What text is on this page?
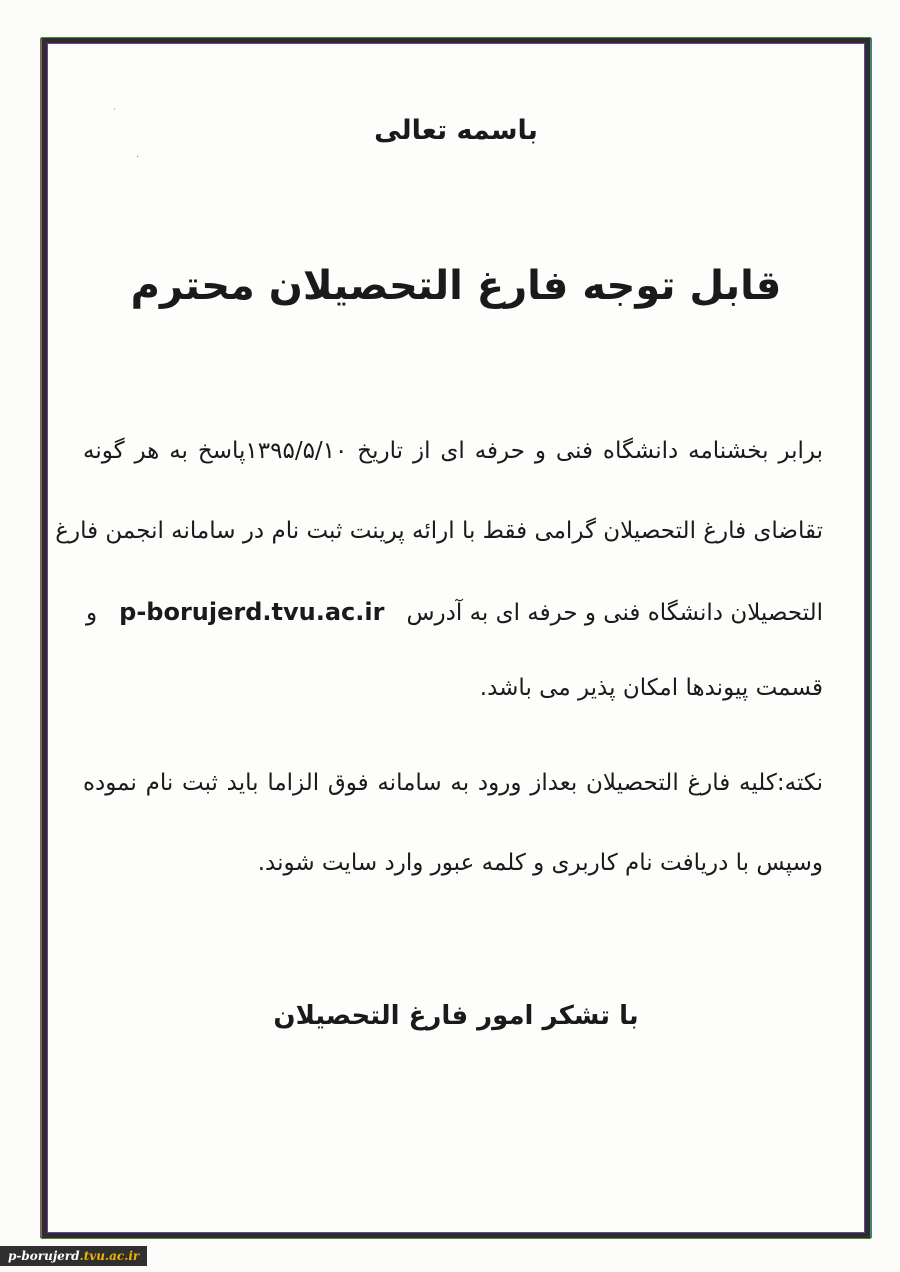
باسمه تعالی

قابل توجه فارغ التحصیلان محترم

برابر بخشنامه دانشگاه فنی و حرفه ای از تاریخ ۱۳۹۵/۵/۱۰پاسخ به هر گونه

تقاضای فارغ التحصیلان گرامی فقط با ارائه پرینت ثبت نام در سامانه انجمن فارغ

التحصیلان دانشگاه فنی و حرفه ای به آدرسp-borujerd.tvu.ac.irو

قسمت پیوندها امکان پذیر می باشد.

نکته:کلیه فارغ التحصیلان بعداز ورود به سامانه فوق الزاما باید ثبت نام نموده

وسپس با دریافت نام کاربری و کلمه عبور وارد سایت شوند.

با تشکر امور فارغ التحصیلان

˙
·
p-borujerd.tvu.ac.ir
